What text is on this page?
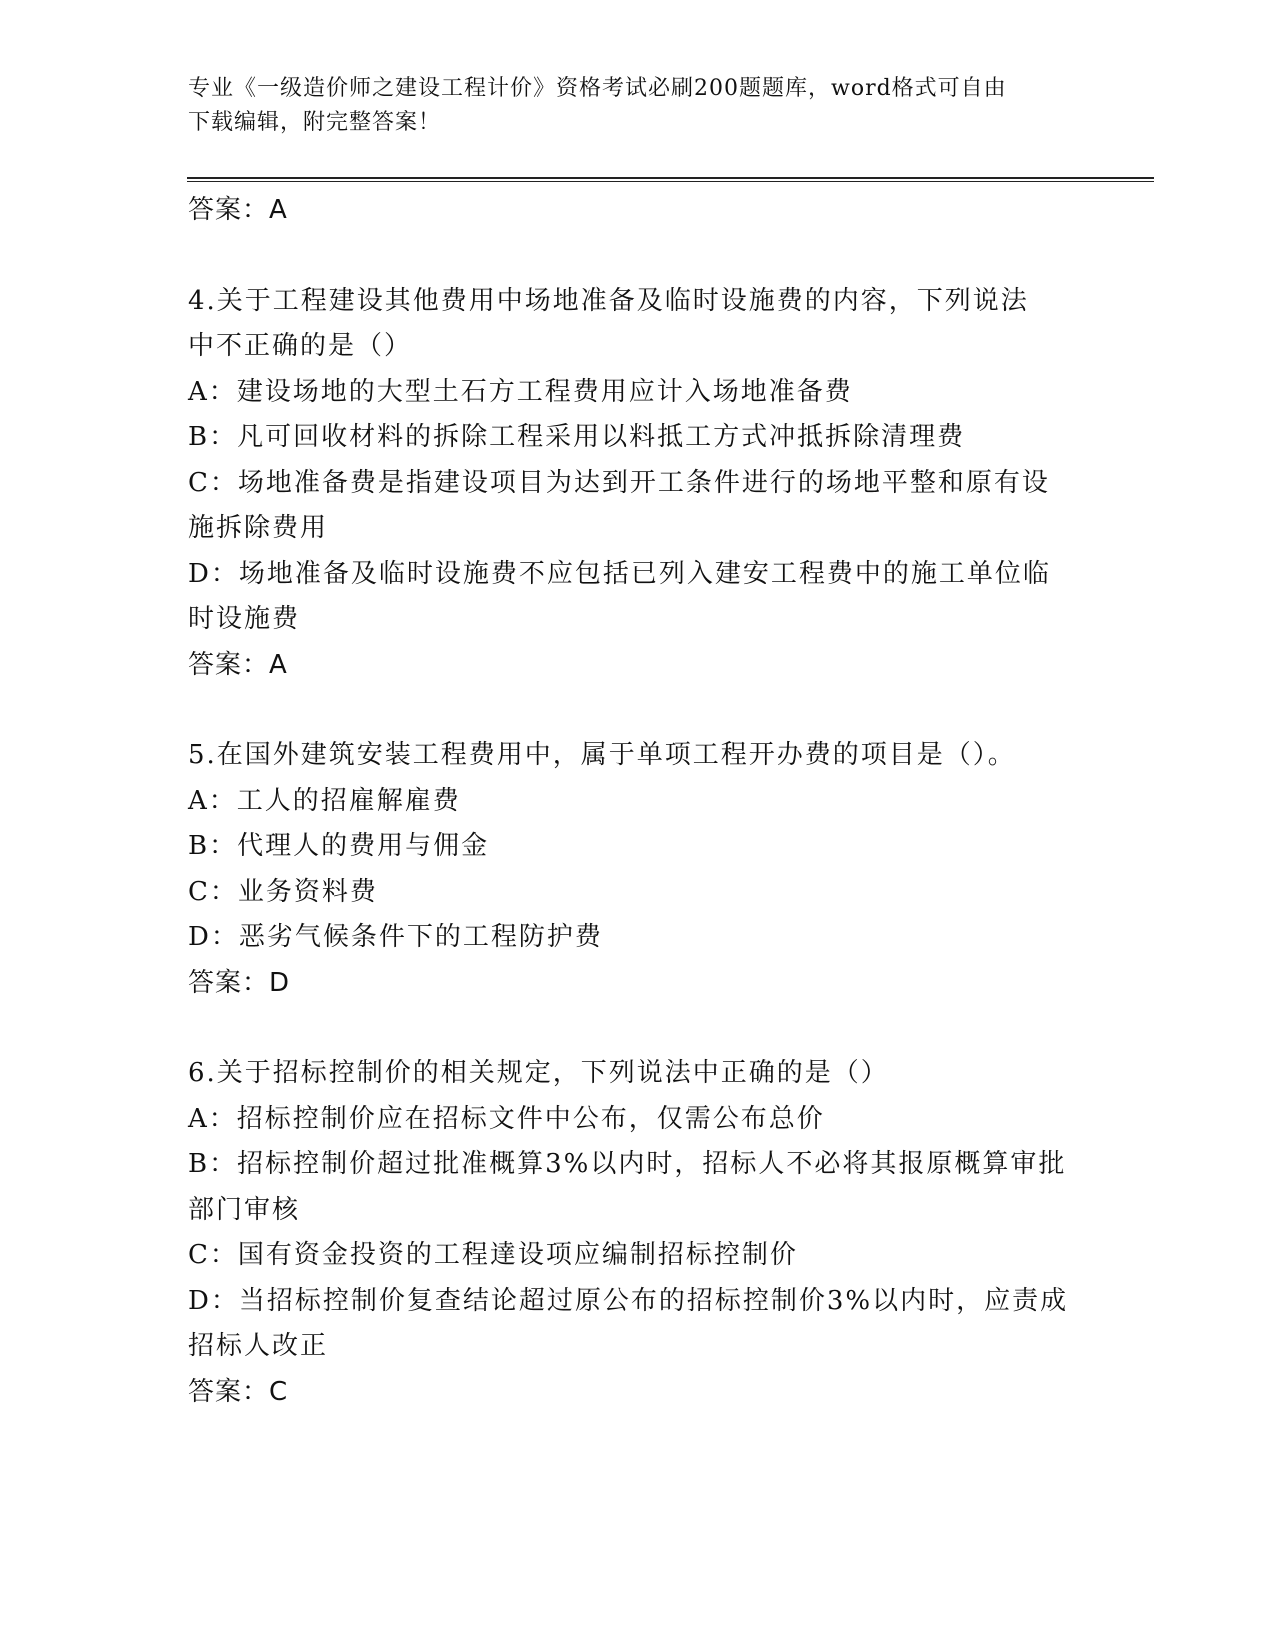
专业《一级造价师之建设工程计价》资格考试必刷200题题库，word格式可自由
下载编辑，附完整答案！
答案：A
4.关于工程建设其他费用中场地准备及临时设施费的内容，下列说法
中不正确的是（）
A：建设场地的大型土石方工程费用应计入场地准备费
B：凡可回收材料的拆除工程采用以料抵工方式冲抵拆除清理费
C：场地准备费是指建设项目为达到开工条件进行的场地平整和原有设
施拆除费用
D：场地准备及临时设施费不应包括已列入建安工程费中的施工单位临
时设施费
答案：A
5.在国外建筑安装工程费用中，属于单项工程开办费的项目是（）。
A：工人的招雇解雇费
B：代理人的费用与佣金
C：业务资料费
D：恶劣气候条件下的工程防护费
答案：D
6.关于招标控制价的相关规定，下列说法中正确的是（）
A：招标控制价应在招标文件中公布，仅需公布总价
B：招标控制价超过批准概算3%以内时，招标人不必将其报原概算审批
部门审核
C：国有资金投资的工程達设项应编制招标控制价
D：当招标控制价复查结论超过原公布的招标控制价3%以内时，应责成
招标人改正
答案：C
